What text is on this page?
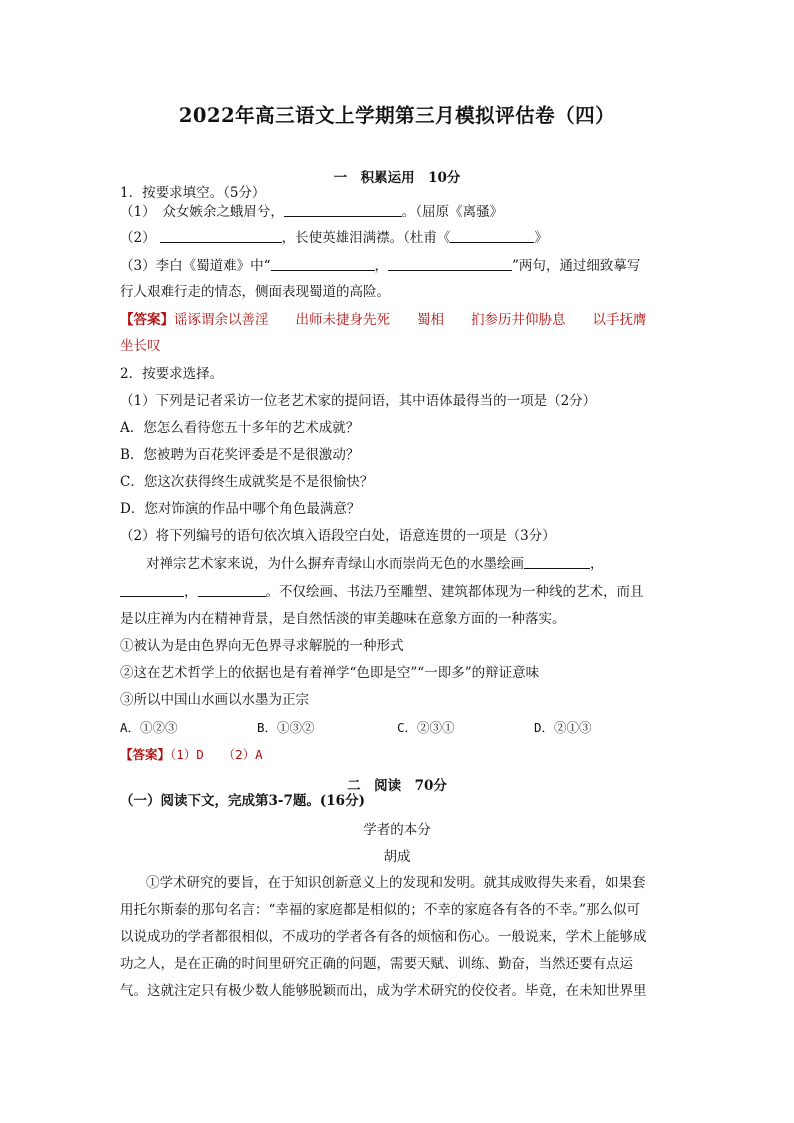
2022年高三语文上学期第三月模拟评估卷（四）
一　积累运用　10分
1．按要求填空。（5分）
（1）　众女嫉余之蛾眉兮，	。（屈原《离骚》
（2）	，长使英雄泪满襟。（杜甫《	》
（3）李白《蜀道难》中“	，	”两句，通过细致摹写
行人艰难行走的情态，侧面表现蜀道的高险。
【答案】谣诼谓余以善淫　　出师未捷身先死　　蜀相　　扪参历井仰胁息　　以手抚膺
坐长叹
2．按要求选择。
（1）下列是记者采访一位老艺术家的提问语，其中语体最得当的一项是（2分）
A．您怎么看待您五十多年的艺术成就？
B．您被聘为百花奖评委是不是很激动？
C．您这次获得终生成就奖是不是很愉快？
D．您对饰演的作品中哪个角色最满意？
（2）将下列编号的语句依次填入语段空白处，语意连贯的一项是（3分）
对禅宗艺术家来说，为什么摒弃青绿山水而崇尚无色的水墨绘画	，
，	。不仅绘画、书法乃至雕塑、建筑都体现为一种线的艺术，而且
是以庄禅为内在精神背景，是自然恬淡的审美趣味在意象方面的一种落实。
①被认为是由色界向无色界寻求解脱的一种形式
②这在艺术哲学上的依据也是有着禅学“色即是空”“一即多”的辩证意味
③所以中国山水画以水墨为正宗
A．①②③	B．①③②	C．②③①	D．②①③
【答案】（1）D　　（2）A
二　阅读　70分
（一）阅读下文，完成第3-7题。(16分)
学者的本分
胡成
①学术研究的要旨，在于知识创新意义上的发现和发明。就其成败得失来看，如果套
用托尔斯泰的那句名言：“幸福的家庭都是相似的；不幸的家庭各有各的不幸。”那么似可
以说成功的学者都很相似，不成功的学者各有各的烦恼和伤心。一般说来，学术上能够成
功之人，是在正确的时间里研究正确的问题，需要天赋、训练、勤奋，当然还要有点运
气。这就注定只有极少数人能够脱颖而出，成为学术研究的佼佼者。毕竟，在未知世界里
